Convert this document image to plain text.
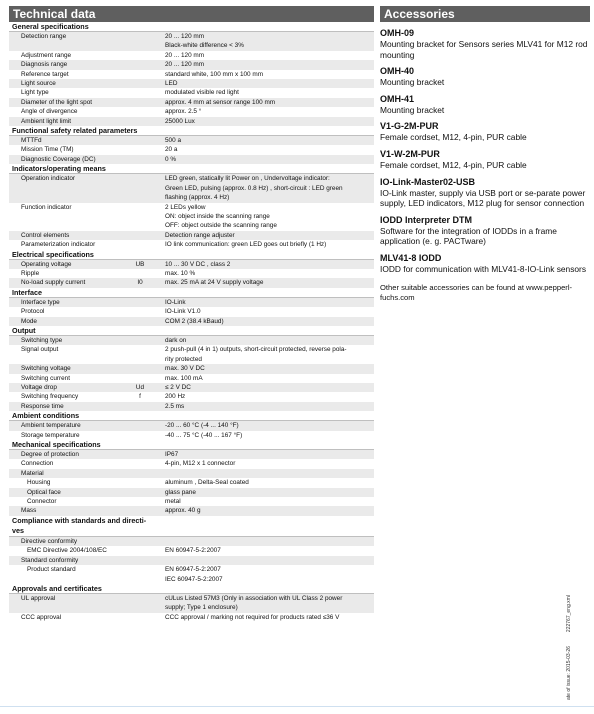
Technical data
General specifications
Detection range	20 ... 120 mm
Black-white difference < 3%
Adjustment range	20 ... 120 mm
Diagnosis range	20 ... 120 mm
Reference target	standard white, 100 mm x 100 mm
Light source	LED
Light type	modulated visible red light
Diameter of the light spot	approx. 4 mm at sensor range 100 mm
Angle of divergence	approx. 2.5 °
Ambient light limit	25000 Lux
Functional safety related parameters
MTTFd	500 a
Mission Time (TM)	20 a
Diagnostic Coverage (DC)	0 %
Indicators/operating means
Operation indicator	LED green, statically lit Power on , Undervoltage indicator:
Green LED, pulsing (approx. 0.8 Hz) , short-circuit : LED green
flashing (approx. 4 Hz)
Function indicator	2 LEDs yellow
ON: object inside the scanning range
OFF: object outside the scanning range
Control elements	Detection range adjuster
Parameterization indicator	IO link communication: green LED goes out briefly (1 Hz)
Electrical specifications
Operating voltage	UB	10 ... 30 V DC , class 2
Ripple	max. 10 %
No-load supply current	I0	max. 25 mA at 24 V supply voltage
Interface
Interface type	IO-Link
Protocol	IO-Link V1.0
Mode	COM 2 (38.4 kBaud)
Output
Switching type	dark on
Signal output	2 push-pull (4 in 1) outputs, short-circuit protected, reverse pola-
rity protected
Switching voltage	max. 30 V DC
Switching current	max. 100 mA
Voltage drop	Ud	≤ 2 V DC
Switching frequency	f	200 Hz
Response time	2.5 ms
Ambient conditions
Ambient temperature	-20 ... 60 °C (-4 ... 140 °F)

Storage temperature	-40 ... 75 °C (-40 ... 167 °F)
Mechanical specifications
Degree of protection	IP67
Connection	4-pin, M12 x 1 connector
Material
Housing	aluminum , Delta-Seal coated
Optical face	glass pane
Connector	metal
Mass	approx. 40 g
Compliance with standards and directi-
ves
Directive conformity
EMC Directive 2004/108/EC	EN 60947-5-2:2007
Standard conformity
Product standard	EN 60947-5-2:2007
IEC 60947-5-2:2007
Approvals and certificates
UL approval	cULus Listed 57M3 (Only in association with UL Class 2 power
supply; Type 1 enclosure)
CCC approval	CCC approval / marking not required for products rated ≤36 V
Accessories
OMH-09
Mounting bracket for Sensors series MLV41 for M12 rod mounting
OMH-40
Mounting bracket
OMH-41
Mounting bracket
V1-G-2M-PUR
Female cordset, M12, 4-pin, PUR cable
V1-W-2M-PUR
Female cordset, M12, 4-pin, PUR cable
IO-Link-Master02-USB
IO-Link master, supply via USB port or se-parate power supply, LED indicators, M12 plug for sensor connection
IODD Interpreter DTM
Software for the integration of IODDs in a frame application (e. g. PACTware)
MLV41-8 IODD
IODD for communication with MLV41-8-IO-Link sensors
Other suitable accessories can be found at www.pepperl-fuchs.com
ate of issue: 2015-03-26222767_eng.xml
